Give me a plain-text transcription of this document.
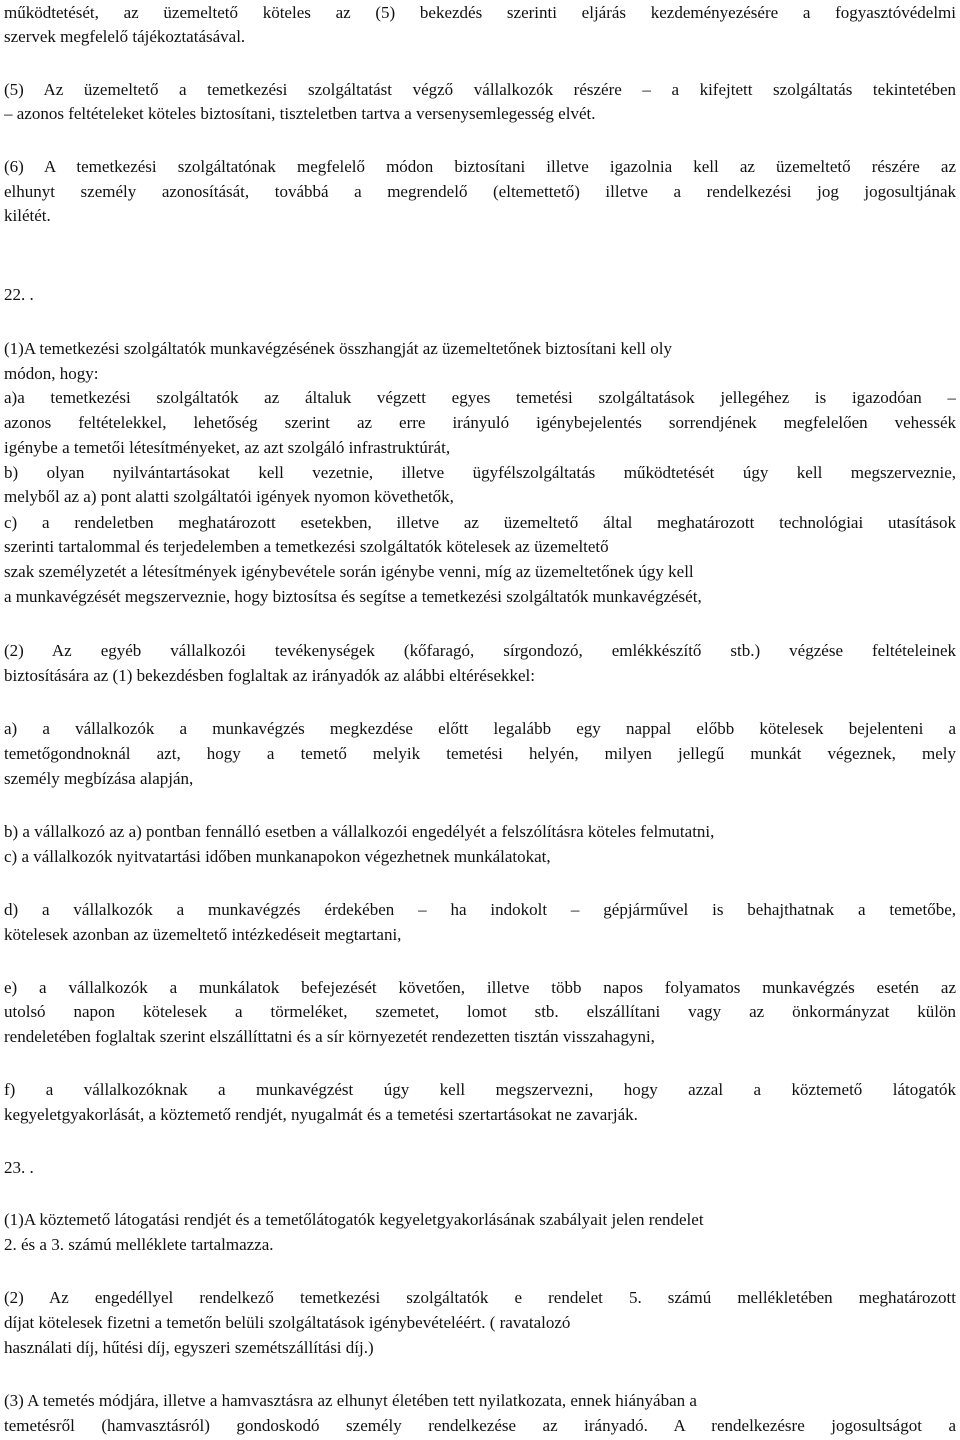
működtetését, az üzemeltető köteles az (5) bekezdés szerinti eljárás kezdeményezésére a fogyasztóvédelmi
szervek megfelelő tájékoztatásával.
(5) Az üzemeltető a temetkezési szolgáltatást végző vállalkozók részére ‒ a kifejtett szolgáltatás tekintetében
‒ azonos feltételeket köteles biztosítani, tiszteletben tartva a versenysemlegesség elvét.
(6) A temetkezési szolgáltatónak megfelelő módon biztosítani illetve igazolnia kell az üzemeltető részére az
elhunyt személy azonosítását, továbbá a megrendelő (eltemettető) illetve a rendelkezési jog jogosultjának
kilétét.
22. .
(1)A temetkezési szolgáltatók munkavégzésének összhangját az üzemeltetőnek biztosítani kell oly
módon, hogy:
a)a temetkezési szolgáltatók az általuk végzett egyes temetési szolgáltatások jellegéhez is igazodóan ‒
azonos feltételekkel, lehetőség szerint az erre irányuló igénybejelentés sorrendjének megfelelően vehessék
igénybe a temetői létesítményeket, az azt szolgáló infrastruktúrát,
b) olyan nyilvántartásokat kell vezetnie, illetve ügyfélszolgáltatás működtetését úgy kell megszerveznie,
melyből az a) pont alatti szolgáltatói igények nyomon követhetők,
c) a rendeletben meghatározott esetekben, illetve az üzemeltető által meghatározott technológiai utasítások
szerinti tartalommal és terjedelemben a temetkezési szolgáltatók kötelesek az üzemeltető
szak személyzetét a létesítmények igénybevétele során igénybe venni, míg az üzemeltetőnek úgy kell
a munkavégzését megszerveznie, hogy biztosítsa és segítse a temetkezési szolgáltatók munkavégzését,
(2) Az egyéb vállalkozói tevékenységek (kőfaragó, sírgondozó, emlékkészítő stb.) végzése feltételeinek
biztosítására az (1) bekezdésben foglaltak az irányadók az alábbi eltérésekkel:
a) a vállalkozók a munkavégzés megkezdése előtt legalább egy nappal előbb kötelesek bejelenteni a
temetőgondnoknál azt, hogy a temető melyik temetési helyén, milyen jellegű munkát végeznek, mely
személy megbízása alapján,
b) a vállalkozó az a) pontban fennálló esetben a vállalkozói engedélyét a felszólításra köteles felmutatni,
c) a vállalkozók nyitvatartási időben munkanapokon végezhetnek munkálatokat,
d) a vállalkozók a munkavégzés érdekében ‒ ha indokolt ‒ gépjárművel is behajthatnak a temetőbe,
kötelesek azonban az üzemeltető intézkedéseit megtartani,
e) a vállalkozók a munkálatok befejezését követően, illetve több napos folyamatos munkavégzés esetén az
utolsó napon kötelesek a törmeléket, szemetet, lomot stb. elszállítani vagy az önkormányzat külön
rendeletében foglaltak szerint elszállíttatni és a sír környezetét rendezetten tisztán visszahagyni,
f) a vállalkozóknak a munkavégzést úgy kell megszervezni, hogy azzal a köztemető látogatók
kegyeletgyakorlását, a köztemető rendjét, nyugalmát és a temetési szertartásokat ne zavarják.
23. .
(1)A köztemető látogatási rendjét és a temetőlátogatók kegyeletgyakorlásának szabályait jelen rendelet
2. és a 3. számú melléklete tartalmazza.
(2) Az engedéllyel rendelkező temetkezési szolgáltatók e rendelet 5. számú mellékletében meghatározott
díjat kötelesek fizetni a temetőn belüli szolgáltatások igénybevételéért. ( ravatalozó
használati díj, hűtési díj, egyszeri szemétszállítási díj.)
(3) A temetés módjára, illetve a hamvasztásra az elhunyt életében tett nyilatkozata, ennek hiányában a
temetésről (hamvasztásról) gondoskodó személy rendelkezése az irányadó. A rendelkezésre jogosultságot a
